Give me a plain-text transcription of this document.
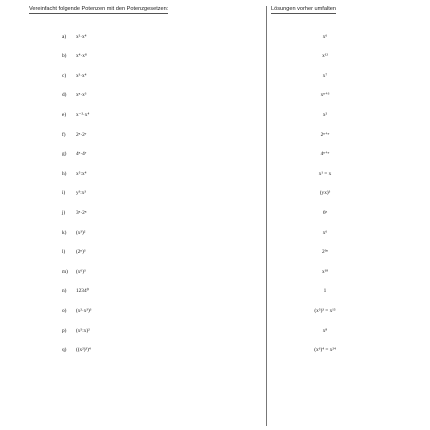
Vereinfacht folgende Potenzen mit den Potenzgesetzen:	Lösungen vorher umfalten
a) x²·x⁴	x⁶
b) x⁴·x⁸	x¹²
c) x³·x⁴	x⁷
d) xⁿ·x³	xⁿ⁺³
e) x⁻²·x⁴	x²
f) 2ⁿ·2ʸ	2ⁿ⁺ʸ
g) 4ⁿ·4ʸ	4ⁿ⁺ʸ
h) x⁵:x⁴	x¹ = x
i) y³:x³	(yx)³
j) 3ⁿ·2ⁿ	6ⁿ
k) (x³)²	x⁶
l) (2ⁿ)³	2³ⁿ
m) (x⁶)³	x¹⁸
n) 1234⁰	1
o) (x²·x³)³	(x⁵)³ = x¹⁵
p) (x⁵:x)²	x⁸
q) ((x²)³)⁴	(x⁶)⁴ = x²⁴
